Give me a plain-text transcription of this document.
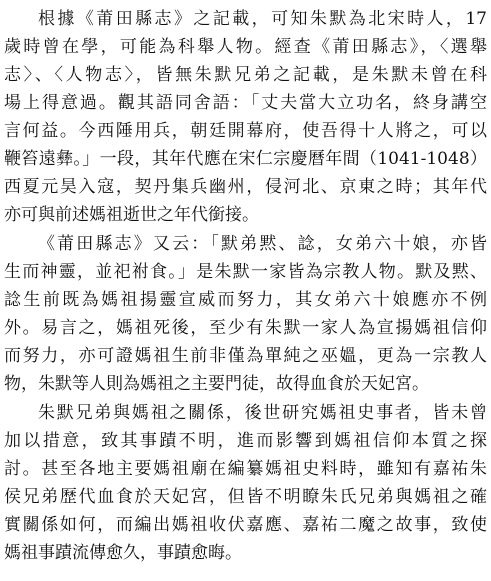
根據《莆田縣志》之記載，可知朱默為北宋時人，17
歲時曾在學，可能為科舉人物。經查《莆田縣志》，〈選舉
志〉、〈人物志〉，皆無朱默兄弟之記載，是朱默未曾在科
場上得意過。觀其語同舍語：「丈夫當大立功名，終身講空
言何益。今西陲用兵，朝廷開幕府，使吾得十人將之，可以
鞭笞遠彝。」一段，其年代應在宋仁宗慶曆年間（1041-1048）
西夏元昊入寇，契丹集兵幽州，侵河北、京東之時；其年代
亦可與前述媽祖逝世之年代銜接。
《莆田縣志》又云：「默弟黙、諗，女弟六十娘，亦皆
生而神靈，並祀祔食。」是朱默一家皆為宗教人物。默及黙、
諗生前既為媽祖揚靈宣威而努力，其女弟六十娘應亦不例
外。易言之，媽祖死後，至少有朱默一家人為宣揚媽祖信仰
而努力，亦可證媽祖生前非僅為單純之巫媼，更為一宗教人
物，朱默等人則為媽祖之主要門徒，故得血食於天妃宮。
朱默兄弟與媽祖之關係，後世研究媽祖史事者，皆未曾
加以措意，致其事蹟不明，進而影響到媽祖信仰本質之探
討。甚至各地主要媽祖廟在編纂媽祖史料時，雖知有嘉祐朱
侯兄弟歷代血食於天妃宮，但皆不明瞭朱氏兄弟與媽祖之確
實關係如何，而編出媽祖收伏嘉應、嘉祐二魔之故事，致使
媽祖事蹟流傳愈久，事蹟愈晦。
